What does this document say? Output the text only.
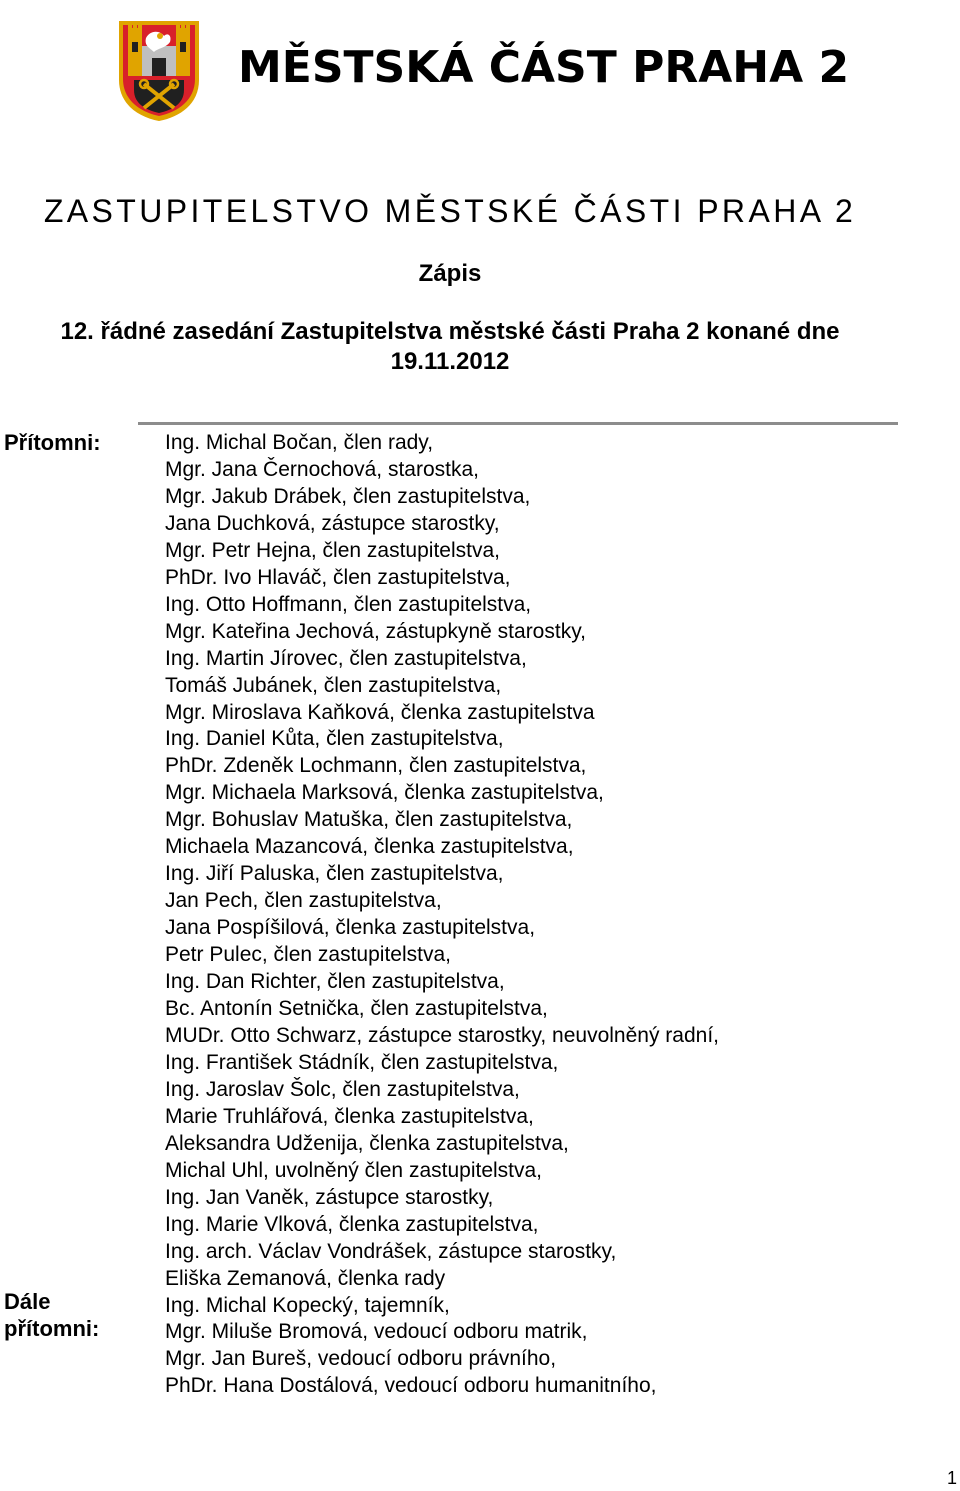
MĚSTSKÁ ČÁST PRAHA 2
ZASTUPITELSTVO MĚSTSKÉ ČÁSTI PRAHA 2
Zápis

12. řádné zasedání Zastupitelstva městské části Praha 2 konané dne

19.11.2012

Přítomni:

Dále
přítomni:
Ing. Michal Bočan, člen rady,
Mgr. Jana Černochová, starostka,
Mgr. Jakub Drábek, člen zastupitelstva,
Jana Duchková, zástupce starostky,
Mgr. Petr Hejna, člen zastupitelstva,
PhDr. Ivo Hlaváč, člen zastupitelstva,
Ing. Otto Hoffmann, člen zastupitelstva,
Mgr. Kateřina Jechová, zástupkyně starostky,
Ing. Martin Jírovec, člen zastupitelstva,
Tomáš Jubánek, člen zastupitelstva,
Mgr. Miroslava Kaňková, členka zastupitelstva
Ing. Daniel Kůta, člen zastupitelstva,
PhDr. Zdeněk Lochmann, člen zastupitelstva,
Mgr. Michaela Marksová, členka zastupitelstva,
Mgr. Bohuslav Matuška, člen zastupitelstva,
Michaela Mazancová, členka zastupitelstva,
Ing. Jiří Paluska, člen zastupitelstva,
Jan Pech, člen zastupitelstva,
Jana Pospíšilová, členka zastupitelstva,
Petr Pulec, člen zastupitelstva,
Ing. Dan Richter, člen zastupitelstva,
Bc. Antonín Setnička, člen zastupitelstva,
MUDr. Otto Schwarz, zástupce starostky, neuvolněný radní,
Ing. František Stádník, člen zastupitelstva,
Ing. Jaroslav Šolc, člen zastupitelstva,
Marie Truhlářová, členka zastupitelstva,
Aleksandra Udženija, členka zastupitelstva,
Michal Uhl, uvolněný člen zastupitelstva,
Ing. Jan Vaněk, zástupce starostky,
Ing. Marie Vlková, členka zastupitelstva,
Ing. arch. Václav Vondrášek, zástupce starostky,
Eliška Zemanová, členka rady
Ing. Michal Kopecký, tajemník,
Mgr. Miluše Bromová, vedoucí odboru matrik,
Mgr. Jan Bureš, vedoucí odboru právního,
PhDr. Hana Dostálová, vedoucí odboru humanitního,

1
